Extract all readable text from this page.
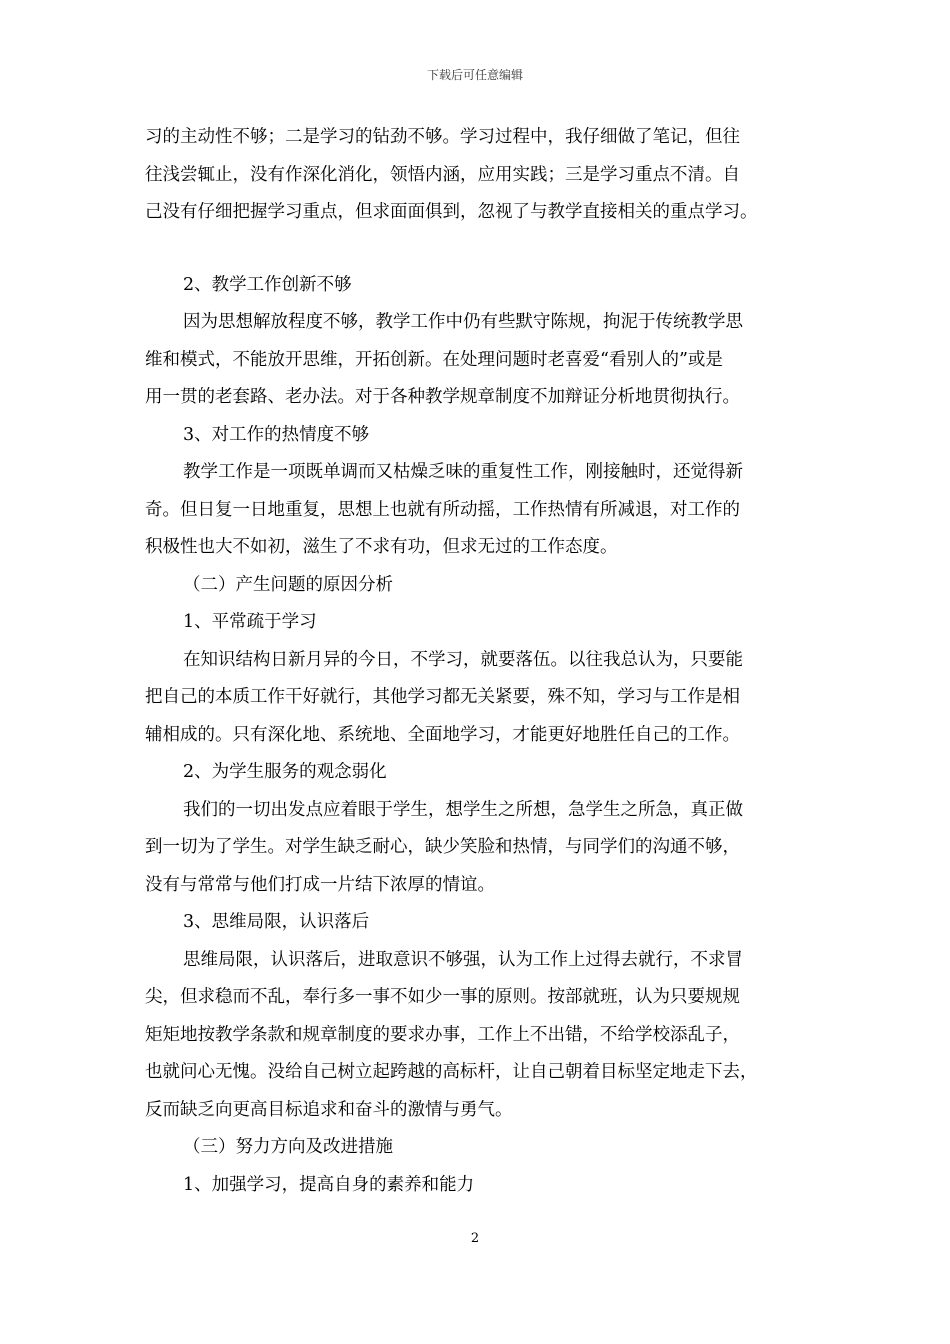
下载后可任意编辑
习的主动性不够；二是学习的钻劲不够。学习过程中，我仔细做了笔记，但往
往浅尝辄止，没有作深化消化，领悟内涵，应用实践；三是学习重点不清。自
己没有仔细把握学习重点，但求面面俱到，忽视了与教学直接相关的重点学习。
2、教学工作创新不够
因为思想解放程度不够，教学工作中仍有些默守陈规，拘泥于传统教学思
维和模式，不能放开思维，开拓创新。在处理问题时老喜爱“看别人的”或是
用一贯的老套路、老办法。对于各种教学规章制度不加辩证分析地贯彻执行。
3、对工作的热情度不够
教学工作是一项既单调而又枯燥乏味的重复性工作，刚接触时，还觉得新
奇。但日复一日地重复，思想上也就有所动摇，工作热情有所减退，对工作的
积极性也大不如初，滋生了不求有功，但求无过的工作态度。
（二）产生问题的原因分析
1、平常疏于学习
在知识结构日新月异的今日，不学习，就要落伍。以往我总认为，只要能
把自己的本质工作干好就行，其他学习都无关紧要，殊不知，学习与工作是相
辅相成的。只有深化地、系统地、全面地学习，才能更好地胜任自己的工作。
2、为学生服务的观念弱化
我们的一切出发点应着眼于学生，想学生之所想，急学生之所急，真正做
到一切为了学生。对学生缺乏耐心，缺少笑脸和热情，与同学们的沟通不够，
没有与常常与他们打成一片结下浓厚的情谊。
3、思维局限，认识落后
思维局限，认识落后，进取意识不够强，认为工作上过得去就行，不求冒
尖，但求稳而不乱，奉行多一事不如少一事的原则。按部就班，认为只要规规
矩矩地按教学条款和规章制度的要求办事，工作上不出错，不给学校添乱子，
也就问心无愧。没给自己树立起跨越的高标杆，让自己朝着目标坚定地走下去，
反而缺乏向更高目标追求和奋斗的激情与勇气。
（三）努力方向及改进措施
1、加强学习，提高自身的素养和能力
2
